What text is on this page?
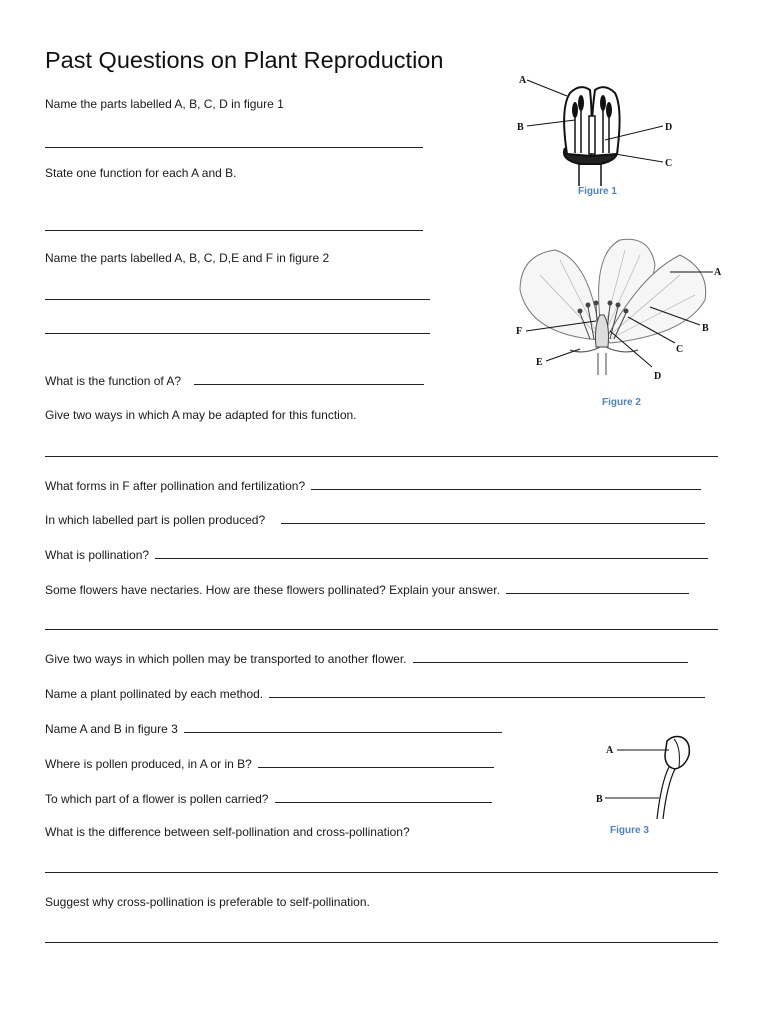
Past Questions on Plant Reproduction
Name the parts labelled A, B, C, D in figure 1
State one function for each A and B.
Name the parts labelled A, B, C, D,E and F in figure 2
What is the function of A?
Give two ways in which A may be adapted for this function.
What forms in F after pollination and fertilization?
In which labelled part is pollen produced?
What is pollination?
Some flowers have nectaries. How are these flowers pollinated? Explain your answer.
Give two ways in which pollen may be transported to another flower.
Name a plant pollinated by each method.
Name A and B in figure 3
Where is pollen produced, in A or in B?
To which part of a flower is pollen carried?
What is the difference between self-pollination and cross-pollination?
Suggest why cross-pollination is preferable to self-pollination.
A
B	D
C
Figure 1
A
B
C
D
E
F
Figure 2
A
B
Figure 3
